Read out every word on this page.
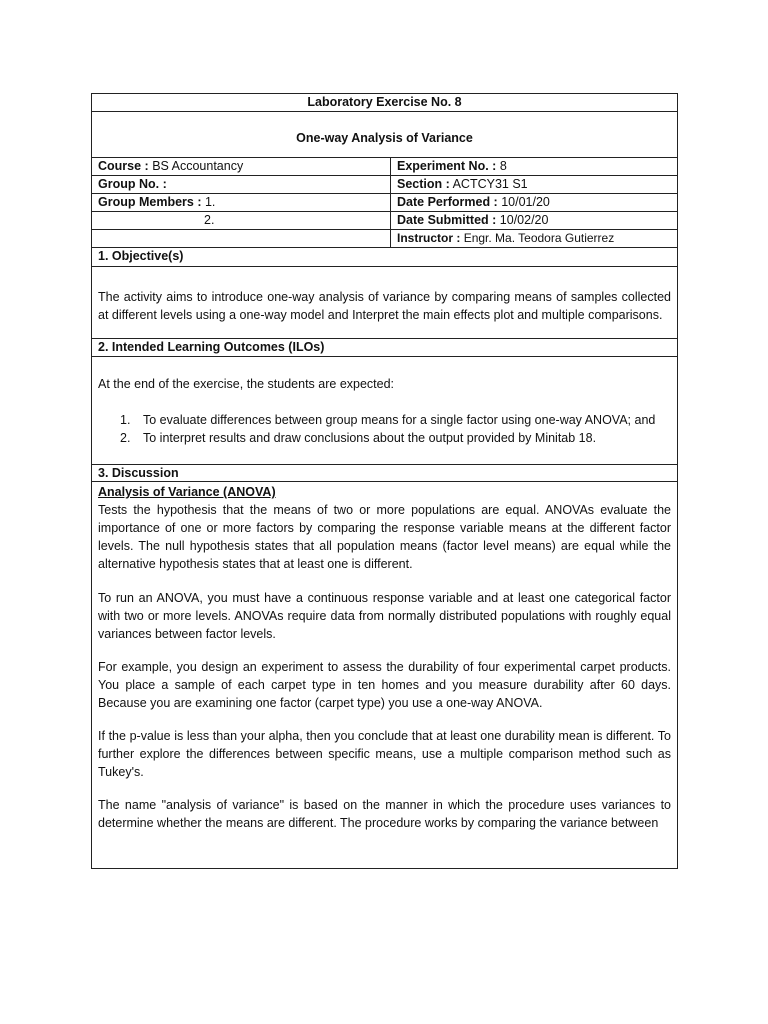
Laboratory Exercise No. 8
One-way Analysis of Variance
Course : BS Accountancy	Experiment No. : 8
Group No. :	Section : ACTCY31 S1
Group Members : 1.	Date Performed : 10/01/20
2.	Date Submitted : 10/02/20
Instructor : Engr. Ma. Teodora Gutierrez
1. Objective(s)
The activity aims to introduce one-way analysis of variance by comparing means of samples collected at different levels using a one-way model and Interpret the main effects plot and multiple comparisons.
2. Intended Learning Outcomes (ILOs)
At the end of the exercise, the students are expected:
1. To evaluate differences between group means for a single factor using one-way ANOVA; and
2. To interpret results and draw conclusions about the output provided by Minitab 18.
3. Discussion
Analysis of Variance (ANOVA)
Tests the hypothesis that the means of two or more populations are equal. ANOVAs evaluate the importance of one or more factors by comparing the response variable means at the different factor levels. The null hypothesis states that all population means (factor level means) are equal while the alternative hypothesis states that at least one is different.
To run an ANOVA, you must have a continuous response variable and at least one categorical factor with two or more levels. ANOVAs require data from normally distributed populations with roughly equal variances between factor levels.
For example, you design an experiment to assess the durability of four experimental carpet products. You place a sample of each carpet type in ten homes and you measure durability after 60 days. Because you are examining one factor (carpet type) you use a one-way ANOVA.
If the p-value is less than your alpha, then you conclude that at least one durability mean is different. To further explore the differences between specific means, use a multiple comparison method such as Tukey's.
The name "analysis of variance" is based on the manner in which the procedure uses variances to determine whether the means are different. The procedure works by comparing the variance between
